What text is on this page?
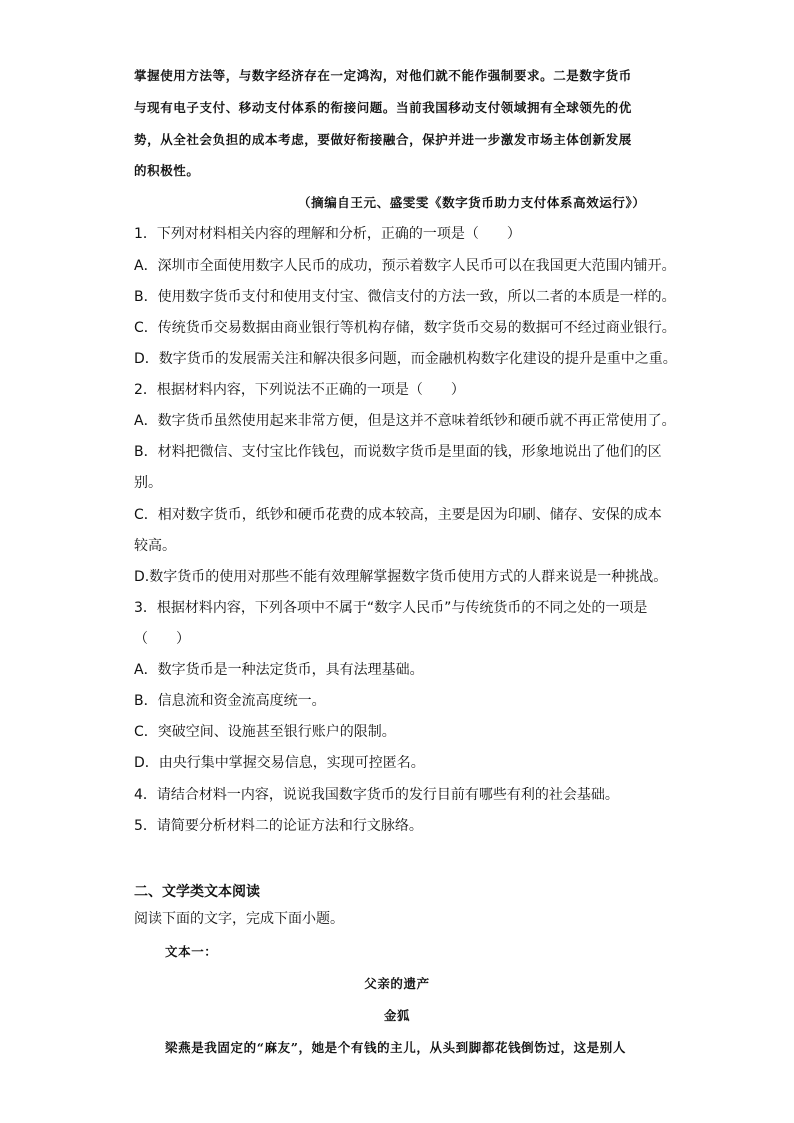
掌握使用方法等，与数字经济存在一定鸿沟，对他们就不能作强制要求。二是数字货币
与现有电子支付、移动支付体系的衔接问题。当前我国移动支付领域拥有全球领先的优
势，从全社会负担的成本考虑，要做好衔接融合，保护并进一步激发市场主体创新发展
的积极性。
（摘编自王元、盛雯雯《数字货币助力支付体系高效运行》）
1．下列对材料相关内容的理解和分析，正确的一项是（　　）
A．深圳市全面使用数字人民币的成功，预示着数字人民币可以在我国更大范围内铺开。
B．使用数字货币支付和使用支付宝、微信支付的方法一致，所以二者的本质是一样的。
C．传统货币交易数据由商业银行等机构存储，数字货币交易的数据可不经过商业银行。
D．数字货币的发展需关注和解决很多问题，而金融机构数字化建设的提升是重中之重。
2．根据材料内容，下列说法不正确的一项是（　　）
A．数字货币虽然使用起来非常方便，但是这并不意味着纸钞和硬币就不再正常使用了。
B．材料把微信、支付宝比作钱包，而说数字货币是里面的钱，形象地说出了他们的区
别。
C．相对数字货币，纸钞和硬币花费的成本较高，主要是因为印刷、储存、安保的成本
较高。
D.数字货币的使用对那些不能有效理解掌握数字货币使用方式的人群来说是一种挑战。
3．根据材料内容，下列各项中不属于“数字人民币”与传统货币的不同之处的一项是
（　　）
A．数字货币是一种法定货币，具有法理基础。
B．信息流和资金流高度统一。
C．突破空间、设施甚至银行账户的限制。
D．由央行集中掌握交易信息，实现可控匿名。
4．请结合材料一内容，说说我国数字货币的发行目前有哪些有利的社会基础。
5．请简要分析材料二的论证方法和行文脉络。
二、文学类文本阅读
阅读下面的文字，完成下面小题。
文本一：
父亲的遗产
金狐
梁燕是我固定的“麻友”，她是个有钱的主儿，从头到脚都花钱倒饬过，这是别人
